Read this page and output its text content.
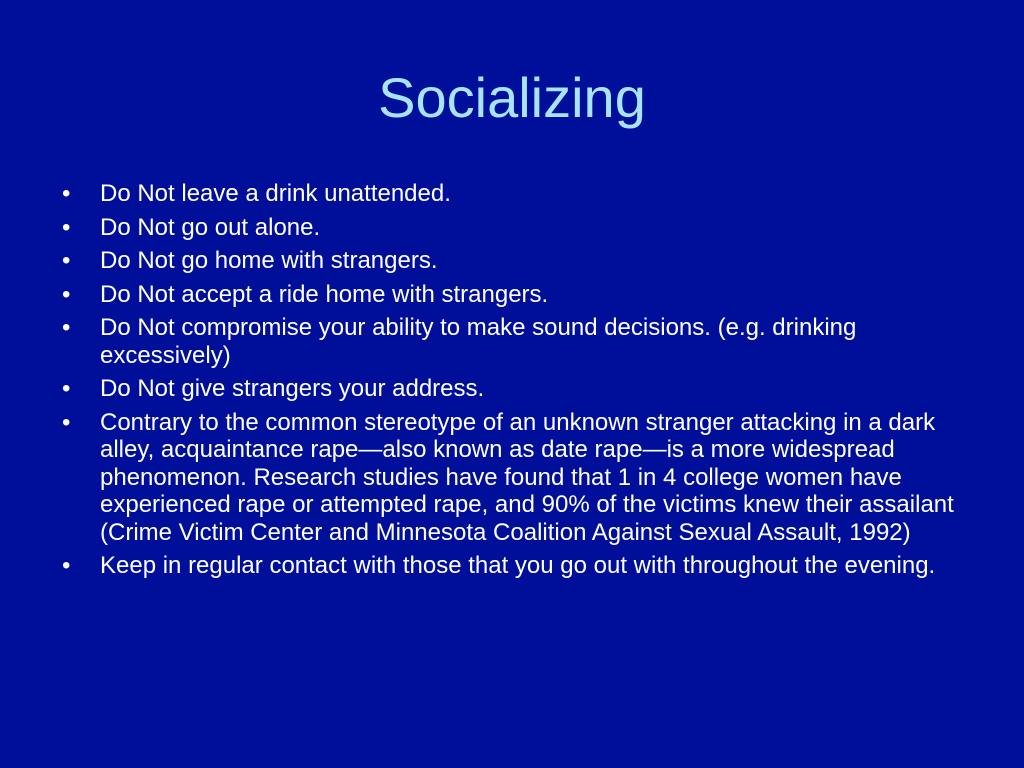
Socializing
•	Do Not leave a drink unattended.
•	Do Not go out alone.
•	Do Not go home with strangers.
•	Do Not accept a ride home with strangers.
•	Do Not compromise your ability to make sound decisions. (e.g. drinking excessively)
•	Do Not give strangers your address.
•	Contrary to the common stereotype of an unknown stranger attacking in a dark alley, acquaintance rape—also known as date rape—is a more widespread phenomenon. Research studies have found that 1 in 4 college women have experienced rape or attempted rape, and 90% of the victims knew their assailant (Crime Victim Center and Minnesota Coalition Against Sexual Assault, 1992)
•	Keep in regular contact with those that you go out with throughout the evening.
